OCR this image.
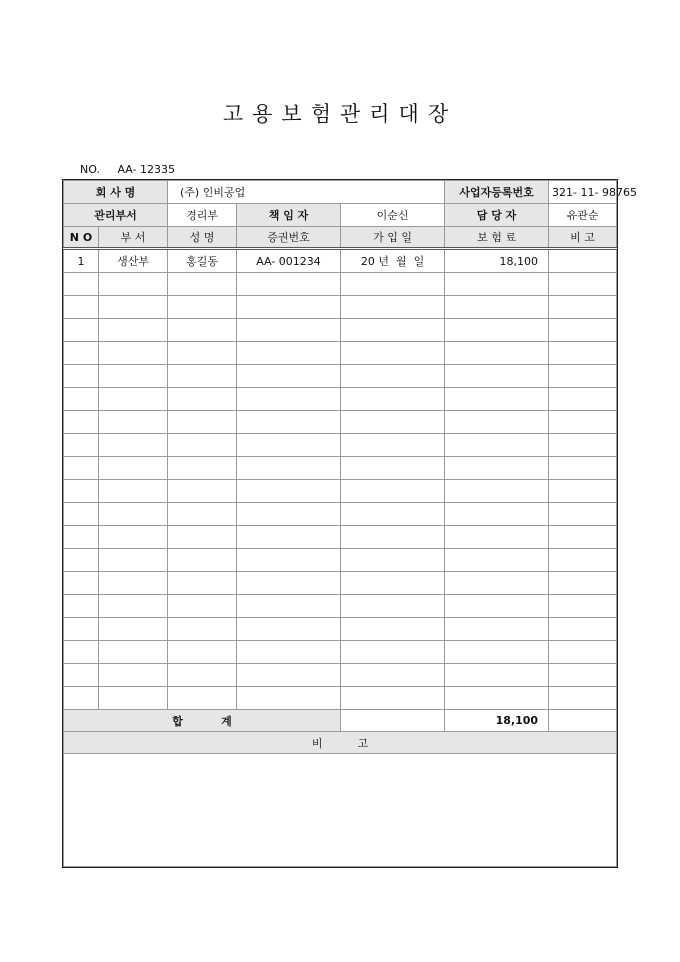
고용보험관리대장
NO. AA- 12335
회 사 명		(주) 인비공업			사업자등록번호	321- 11- 98765
관리부서		경리부	책 임 자	이순신	담 당 자	유관순
N O	부 서	성 명	증권번호	가 입 일	보 험 료	비 고
1	생산부	홍길동	AA- 001234	20 년  월  일	18,100	

합          계					18,100	
비          고						
